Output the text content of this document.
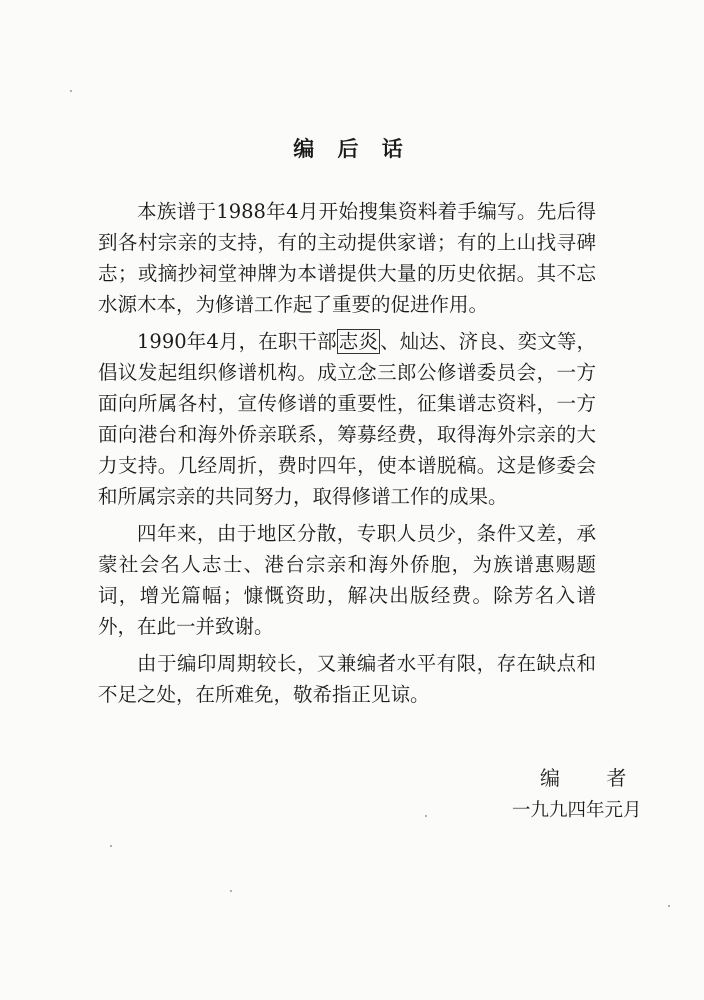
编 后 话

本族谱于1988年4月开始搜集资料着手编写。先后得到各村宗亲的支持，有的主动提供家谱；有的上山找寻碑志；或摘抄祠堂神牌为本谱提供大量的历史依据。其不忘水源木本，为修谱工作起了重要的促进作用。

1990年4月，在职干部 志炎 、灿达、济良、奕文等，倡议发起组织修谱机构。成立念三郎公修谱委员会，一方面向所属各村，宣传修谱的重要性，征集谱志资料，一方面向港台和海外侨亲联系，筹募经费，取得海外宗亲的大力支持。几经周折，费时四年，使本谱脱稿。这是修委会和所属宗亲的共同努力，取得修谱工作的成果。

四年来，由于地区分散，专职人员少，条件又差，承蒙社会名人志士、港台宗亲和海外侨胞，为族谱惠赐题词，增光篇幅；慷慨资助，解决出版经费。除芳名入谱外，在此一并致谢。

由于编印周期较长，又兼编者水平有限，存在缺点和不足之处，在所难免，敬希指正见谅。

编 者
一九九四年元月
